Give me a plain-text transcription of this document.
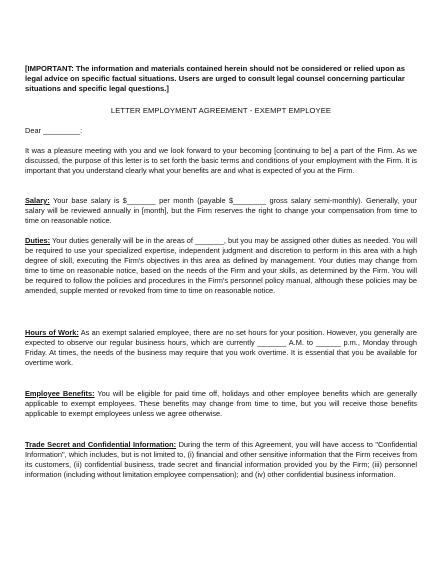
[IMPORTANT: The information and materials contained herein should not be considered or relied upon as legal advice on specific factual situations. Users are urged to consult legal counsel concerning particular situations and specific legal questions.]
LETTER EMPLOYMENT AGREEMENT - EXEMPT EMPLOYEE
Dear _________:
It was a pleasure meeting with you and we look forward to your becoming [continuing to be] a part of the Firm. As we discussed, the purpose of this letter is to set forth the basic terms and conditions of your employment with the Firm. It is important that you understand clearly what your benefits are and what is expected of you at the Firm.
Salary: Your base salary is $_______ per month (payable $________ gross salary semi-monthly). Generally, your salary will be reviewed annually in [month], but the Firm reserves the right to change your compensation from time to time on reasonable notice.
Duties: Your duties generally will be in the areas of _______, but you may be assigned other duties as needed. You will be required to use your specialized expertise, independent judgment and discretion to perform in this area with a high degree of skill, executing the Firm's objectives in this area as defined by management. Your duties may change from time to time on reasonable notice, based on the needs of the Firm and your skills, as determined by the Firm. You will be required to follow the policies and procedures in the Firm's personnel policy manual, although these policies may be amended, supple mented or revoked from time to time on reasonable notice.
Hours of Work: As an exempt salaried employee, there are no set hours for your position. However, you generally are expected to observe our regular business hours, which are currently _______ A.M. to ______ p.m., Monday through Friday. At times, the needs of the business may require that you work overtime. It is essential that you be available for overtime work.
Employee Benefits: You will be eligible for paid time off, holidays and other employee benefits which are generally applicable to exempt employees. These benefits may change from time to time, but you will receive those benefits applicable to exempt employees unless we agree otherwise.
Trade Secret and Confidential Information: During the term of this Agreement, you will have access to "Confidential Information", which includes, but is not limited to, (i) financial and other sensitive information that the Firm receives from its customers, (ii) confidential business, trade secret and financial information provided you by the Firm; (iii) personnel information (including without limitation employee compensation); and (iv) other confidential business information.
